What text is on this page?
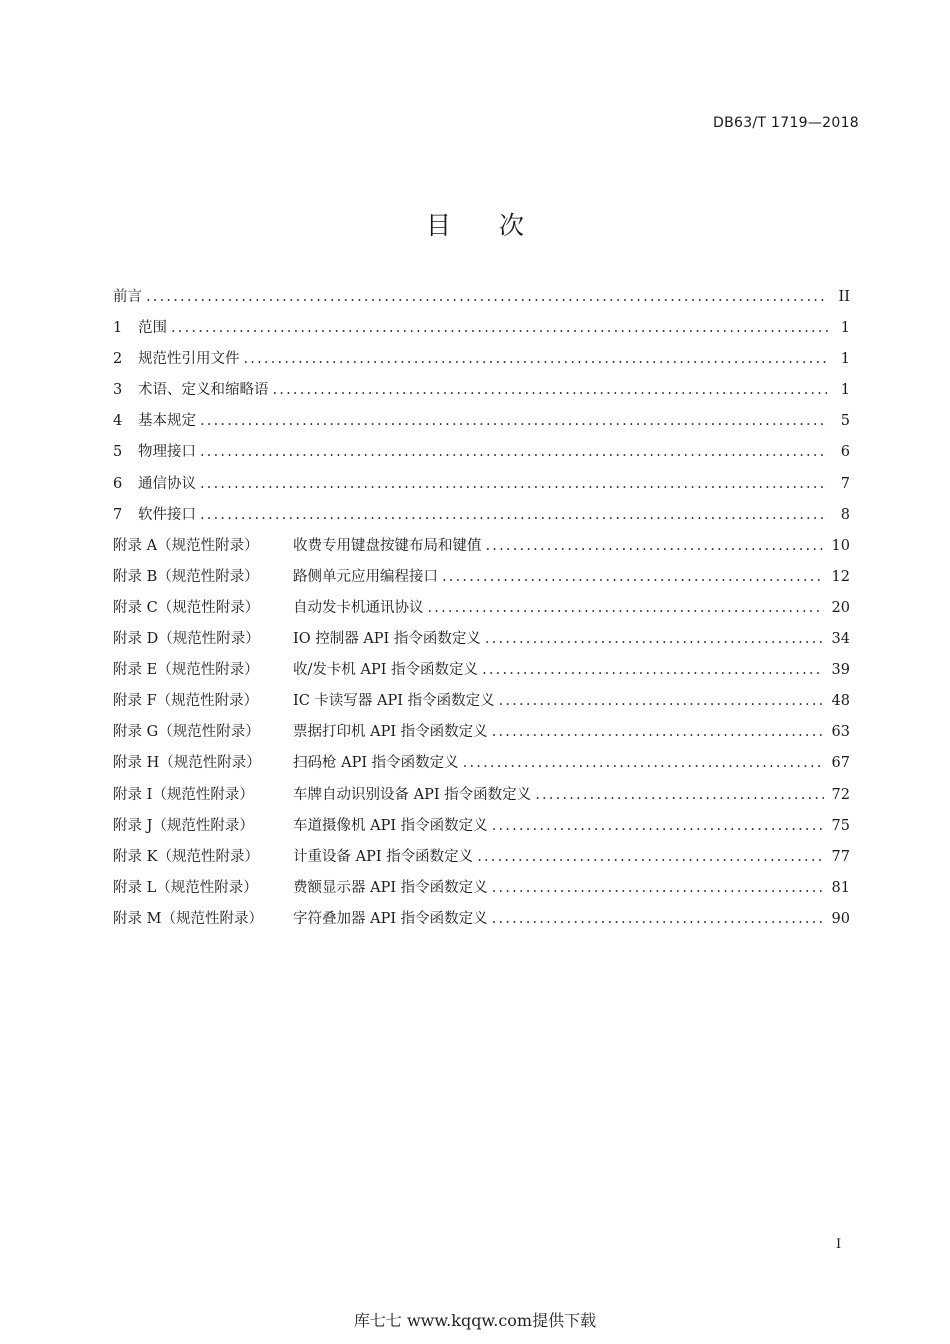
DB63/T 1719—2018
目次
前言 .....	II
1	范围 .....	1
2	规范性引用文件 .....	1
3	术语、定义和缩略语 .....	1
4	基本规定 .....	5
5	物理接口 .....	6
6	通信协议 .....	7
7	软件接口 .....	8
附录 A（规范性附录）	收费专用键盘按键布局和键值 .....	10
附录 B（规范性附录）	路侧单元应用编程接口 .....	12
附录 C（规范性附录）	自动发卡机通讯协议 .....	20
附录 D（规范性附录）	IO 控制器 API 指令函数定义 .....	34
附录 E（规范性附录）	收/发卡机 API 指令函数定义 .....	39
附录 F（规范性附录）	IC 卡读写器 API 指令函数定义 .....	48
附录 G（规范性附录）	票据打印机 API 指令函数定义 .....	63
附录 H（规范性附录）	扫码枪 API 指令函数定义 .....	67
附录 I（规范性附录）	车牌自动识别设备 API 指令函数定义 .....	72
附录 J（规范性附录）	车道摄像机 API 指令函数定义 .....	75
附录 K（规范性附录）	计重设备 API 指令函数定义 .....	77
附录 L（规范性附录）	费额显示器 API 指令函数定义 .....	81
附录 M（规范性附录）	字符叠加器 API 指令函数定义 .....	90
I
库七七 www.kqqw.com提供下载
